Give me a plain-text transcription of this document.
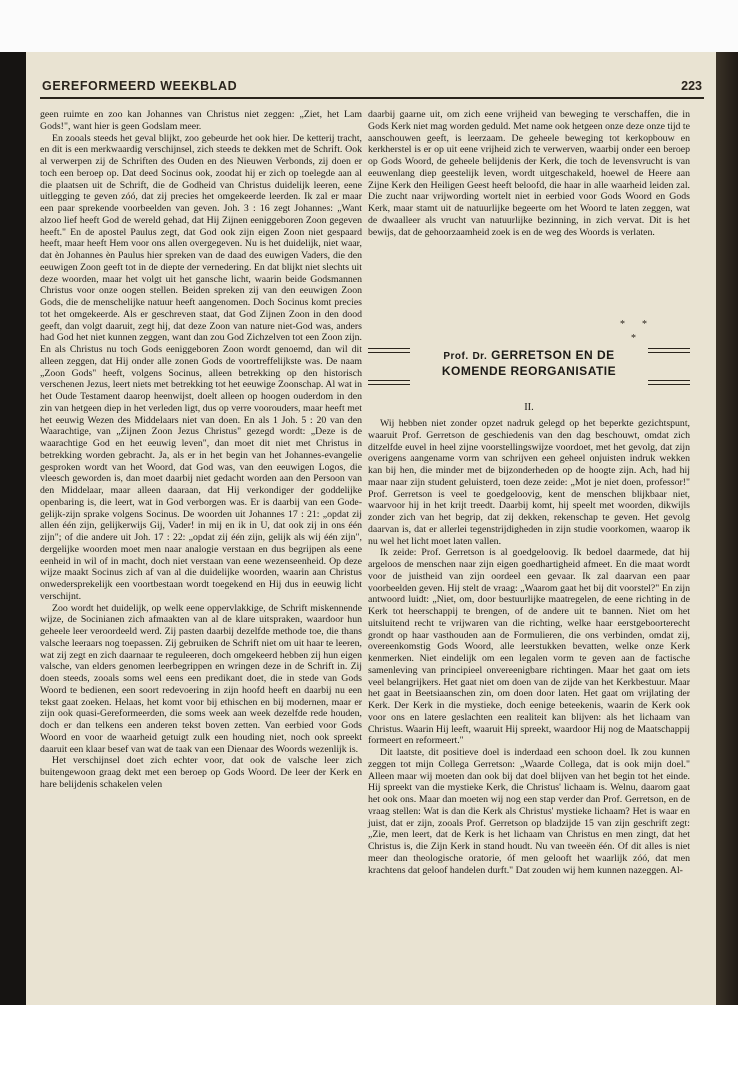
GEREFORMEERD WEEKBLAD	223

geen ruimte en zoo kan Johannes van Christus niet zeggen: „Ziet, het Lam Gods!", want hier is geen Godslam meer.

En zooals steeds het geval blijkt, zoo gebeurde het ook hier. De ketterij tracht, en dit is een merkwaardig verschijnsel, zich steeds te dekken met de Schrift. Ook al verwerpen zij de Schriften des Ouden en des Nieuwen Verbonds, zij doen er toch een beroep op. Dat deed Socinus ook, zoodat hij er zich op toelegde aan al die plaatsen uit de Schrift, die de Godheid van Christus duidelijk leeren, eene uitlegging te geven zóó, dat zij precies het omgekeerde leerden. Ik zal er maar een paar sprekende voorbeelden van geven. Joh. 3 : 16 zegt Johannes: „Want alzoo lief heeft God de wereld gehad, dat Hij Zijnen eeniggeboren Zoon gegeven heeft." En de apostel Paulus zegt, dat God ook zijn eigen Zoon niet gespaard heeft, maar heeft Hem voor ons allen overgegeven. Nu is het duidelijk, niet waar, dat èn Johannes èn Paulus hier spreken van de daad des euwigen Vaders, die den eeuwigen Zoon geeft tot in de diepte der vernedering. En dat blijkt niet slechts uit deze woorden, maar het volgt uit het gansche licht, waarin beide Godsmannen Christus voor onze oogen stellen. Beiden spreken zij van den eeuwigen Zoon Gods, die de menschelijke natuur heeft aangenomen. Doch Socinus komt precies tot het omgekeerde. Als er geschreven staat, dat God Zijnen Zoon in den dood geeft, dan volgt daaruit, zegt hij, dat deze Zoon van nature niet-God was, anders had God het niet kunnen zeggen, want dan zou God Zichzelven tot een Zoon zijn. En als Christus nu toch Gods eeniggeboren Zoon wordt genoemd, dan wil dit alleen zeggen, dat Hij onder alle zonen Gods de voortreffelijkste was. De naam „Zoon Gods" heeft, volgens Socinus, alleen betrekking op den historisch verschenen Jezus, leert niets met betrekking tot het eeuwige Zoonschap. Al wat in het Oude Testament daarop heenwijst, doelt alleen op hoogen ouderdom in den zin van hetgeen diep in het verleden ligt, dus op verre voorouders, maar heeft met het eeuwig Wezen des Middelaars niet van doen. En als 1 Joh. 5 : 20 van den Waarachtige, van „Zijnen Zoon Jezus Christus" gezegd wordt: „Deze is de waarachtige God en het eeuwig leven", dan moet dit niet met Christus in betrekking worden gebracht. Ja, als er in het begin van het Johannes-evangelie gesproken wordt van het Woord, dat God was, van den eeuwigen Logos, die vleesch geworden is, dan moet daarbij niet gedacht worden aan den Persoon van den Middelaar, maar alleen daaraan, dat Hij verkondiger der goddelijke openbaring is, die leert, wat in God verborgen was. Er is daarbij van een Gode-gelijk-zijn sprake volgens Socinus. De woorden uit Johannes 17 : 21: „opdat zij allen één zijn, gelijkerwijs Gij, Vader! in mij en ik in U, dat ook zij in ons één zijn"; of die andere uit Joh. 17 : 22: „opdat zij één zijn, gelijk als wij één zijn", dergelijke woorden moet men naar analogie verstaan en dus begrijpen als eene eenheid in wil of in macht, doch niet verstaan van eene wezenseenheid. Op deze wijze maakt Socinus zich af van al die duidelijke woorden, waarin aan Christus onwedersprekelijk een voortbestaan wordt toegekend en Hij dus in eeuwig licht verschijnt.

Zoo wordt het duidelijk, op welk eene oppervlakkige, de Schrift miskennende wijze, de Socinianen zich afmaakten van al de klare uitspraken, waardoor hun geheele leer veroordeeld werd. Zij pasten daarbij dezelfde methode toe, die thans valsche leeraars nog toepassen. Zij gebruiken de Schrift niet om uit haar te leeren, wat zij zegt en zich daarnaar te reguleeren, doch omgekeerd hebben zij hun eigen valsche, van elders genomen leerbegrippen en wringen deze in de Schrift in. Zij doen steeds, zooals soms wel eens een predikant doet, die in stede van Gods Woord te bedienen, een soort redevoering in zijn hoofd heeft en daarbij nu een tekst gaat zoeken. Helaas, het komt voor bij ethischen en bij modernen, maar er zijn ook quasi-Gereformeerden, die soms week aan week dezelfde rede houden, doch er dan telkens een anderen tekst boven zetten. Van eerbied voor Gods Woord en voor de waarheid getuigt zulk een houding niet, noch ook spreekt daaruit een klaar besef van wat de taak van een Dienaar des Woords wezenlijk is.

Het verschijnsel doet zich echter voor, dat ook de valsche leer zich buitengewoon graag dekt met een beroep op Gods Woord. De leer der Kerk en hare belijdenis schakelen velen

daarbij gaarne uit, om zich eene vrijheid van beweging te verschaffen, die in Gods Kerk niet mag worden geduld. Met name ook hetgeen onze deze onze tijd te aanschouwen geeft, is leerzaam. De geheele beweging tot kerkopbouw en kerkherstel is er op uit eene vrijheid zich te verwerven, waarbij onder een beroep op Gods Woord, de geheele belijdenis der Kerk, die toch de levensvrucht is van eeuwenlang diep geestelijk leven, wordt uitgeschakeld, hoewel de Heere aan Zijne Kerk den Heiligen Geest heeft beloofd, die haar in alle waarheid leiden zal. Die zucht naar vrijwording wortelt niet in eerbied voor Gods Woord en Gods Kerk, maar stamt uit de natuurlijke begeerte om het Woord te laten zeggen, wat de dwaalleer als vrucht van natuurlijke bezinning, in zich vervat. Dit is het bewijs, dat de gehoorzaamheid zoek is en de weg des Woords is verlaten.

* *
*
Prof. Dr. GERRETSON EN DE
KOMENDE REORGANISATIE
II.

Wij hebben niet zonder opzet nadruk gelegd op het beperkte gezichtspunt, waaruit Prof. Gerretson de geschiedenis van den dag beschouwt, omdat zich ditzelfde euvel in heel zijne voorstellingswijze voordoet, met het gevolg, dat zijn overigens aangename vorm van schrijven een geheel onjuisten indruk wekken kan bij hen, die minder met de bijzonderheden op de hoogte zijn. Ach, had hij maar naar zijn student geluisterd, toen deze zeide: „Mot je niet doen, professor!" Prof. Gerretson is veel te goedgeloovig, kent de menschen blijkbaar niet, waarvoor hij in het krijt treedt. Daarbij komt, hij speelt met woorden, dikwijls zonder zich van het begrip, dat zij dekken, rekenschap te geven. Het gevolg daarvan is, dat er allerlei tegenstrijdigheden in zijn studie voorkomen, waarop ik nu wel het licht moet laten vallen.

Ik zeide: Prof. Gerretson is al goedgeloovig. Ik bedoel daarmede, dat hij argeloos de menschen naar zijn eigen goedhartigheid afmeet. En die maat wordt voor de juistheid van zijn oordeel een gevaar. Ik zal daarvan een paar voorbeelden geven. Hij stelt de vraag: „Waarom gaat het bij dit voorstel?" En zijn antwoord luidt: „Niet, om, door bestuurlijke maatregelen, de eene richting in de Kerk tot heerschappij te brengen, of de andere uit te bannen. Niet om het uitsluitend recht te vrijwaren van die richting, welke haar eerstgeboorterecht grondt op haar vasthouden aan de Formulieren, die ons verbinden, omdat zij, overeenkomstig Gods Woord, alle leerstukken bevatten, welke onze Kerk kenmerken. Niet eindelijk om een legalen vorm te geven aan de factische samenleving van principieel onvereenigbare richtingen. Maar het gaat om iets veel belangrijkers. Het gaat niet om doen van de zijde van het Kerkbestuur. Maar het gaat in Beetsiaanschen zin, om doen door laten. Het gaat om vrijlating der Kerk. Der Kerk in die mystieke, doch eenige beteekenis, waarin de Kerk ook voor ons en latere geslachten een realiteit kan blijven: als het lichaam van Christus. Waarin Hij leeft, waaruit Hij spreekt, waardoor Hij nog de Maatschappij formeert en reformeert."

Dit laatste, dit positieve doel is inderdaad een schoon doel. Ik zou kunnen zeggen tot mijn Collega Gerretson: „Waarde Collega, dat is ook mijn doel." Alleen maar wij moeten dan ook bij dat doel blijven van het begin tot het einde. Hij spreekt van die mystieke Kerk, die Christus' lichaam is. Welnu, daarom gaat het ook ons. Maar dan moeten wij nog een stap verder dan Prof. Gerretson, en de vraag stellen: Wat is dan die Kerk als Christus' mystieke lichaam? Het is waar en juist, dat er zijn, zooals Prof. Gerretson op bladzijde 15 van zijn geschrift zegt: „Zie, men leert, dat de Kerk is het lichaam van Christus en men zingt, dat het Christus is, die Zijn Kerk in stand houdt. Nu van tweeën één. Of dit alles is niet meer dan theologische oratorie, óf men gelooft het waarlijk zóó, dat men krachtens dat geloof handelen durft." Dat zouden wij hem kunnen nazeggen. Al-
